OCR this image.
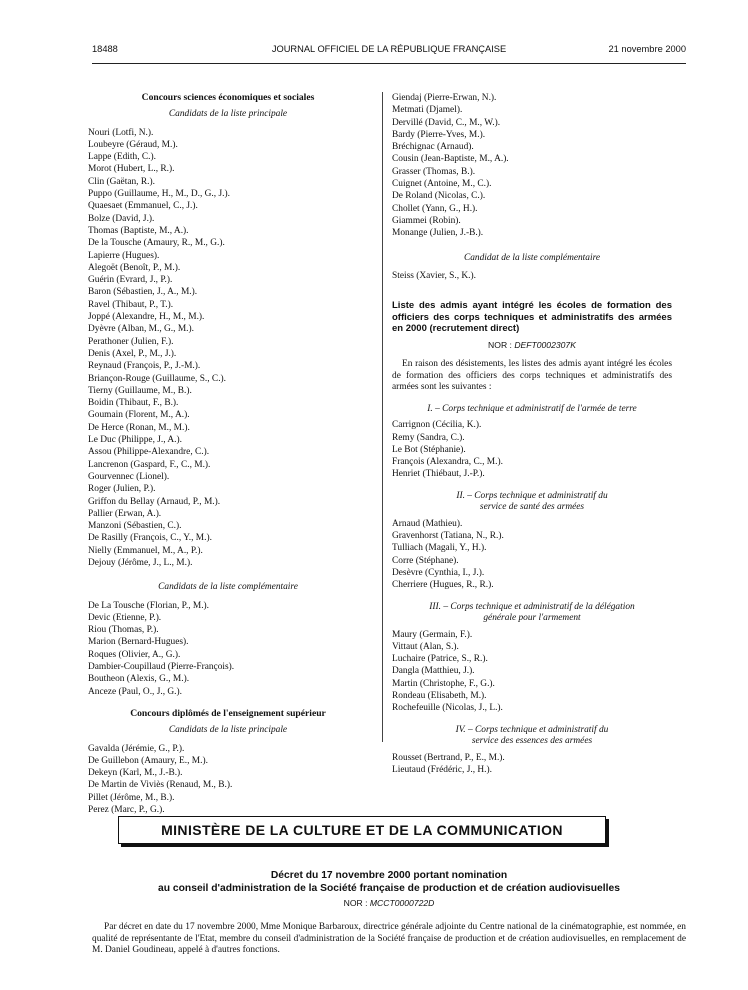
18488	JOURNAL OFFICIEL DE LA RÉPUBLIQUE FRANÇAISE	21 novembre 2000
Concours sciences économiques et sociales
Candidats de la liste principale
Nouri (Lotfi, N.).
Loubeyre (Géraud, M.).
Lappe (Edith, C.).
Morot (Hubert, L., R.).
Clin (Gaëtan, R.).
Puppo (Guillaume, H., M., D., G., J.).
Quaesaet (Emmanuel, C., J.).
Bolze (David, J.).
Thomas (Baptiste, M., A.).
De la Tousche (Amaury, R., M., G.).
Lapierre (Hugues).
Alegoët (Benoît, P., M.).
Guérin (Evrard, J., P.).
Baron (Sébastien, J., A., M.).
Ravel (Thibaut, P., T.).
Joppé (Alexandre, H., M., M.).
Dyèvre (Alban, M., G., M.).
Perathoner (Julien, F.).
Denis (Axel, P., M., J.).
Reynaud (François, P., J.-M.).
Briançon-Rouge (Guillaume, S., C.).
Tierny (Guillaume, M., B.).
Boidin (Thibaut, F., B.).
Goumain (Florent, M., A.).
De Herce (Ronan, M., M.).
Le Duc (Philippe, J., A.).
Assou (Philippe-Alexandre, C.).
Lancrenon (Gaspard, F., C., M.).
Gourvennec (Lionel).
Roger (Julien, P.).
Griffon du Bellay (Arnaud, P., M.).
Pallier (Erwan, A.).
Manzoni (Sébastien, C.).
De Rasilly (François, C., Y., M.).
Nielly (Emmanuel, M., A., P.).
Dejouy (Jérôme, J., L., M.).
Candidats de la liste complémentaire
De La Tousche (Florian, P., M.).
Devic (Etienne, P.).
Riou (Thomas, P.).
Marion (Bernard-Hugues).
Roques (Olivier, A., G.).
Dambier-Coupillaud (Pierre-François).
Boutheon (Alexis, G., M.).
Anceze (Paul, O., J., G.).
Concours diplômés de l'enseignement supérieur
Candidats de la liste principale
Gavalda (Jérémie, G., P.).
De Guillebon (Amaury, E., M.).
Dekeyn (Karl, M., J.-B.).
De Martin de Viviès (Renaud, M., B.).
Pillet (Jérôme, M., B.).
Perez (Marc, P., G.).
Giendaj (Pierre-Erwan, N.).
Metmati (Djamel).
Dervillé (David, C., M., W.).
Bardy (Pierre-Yves, M.).
Bréchignac (Arnaud).
Cousin (Jean-Baptiste, M., A.).
Grasser (Thomas, B.).
Cuignet (Antoine, M., C.).
De Roland (Nicolas, C.).
Chollet (Yann, G., H.).
Giammei (Robin).
Monange (Julien, J.-B.).
Candidat de la liste complémentaire
Steiss (Xavier, S., K.).
Liste des admis ayant intégré les écoles de formation des officiers des corps techniques et administratifs des armées en 2000 (recrutement direct)
NOR : DEFT0002307K
En raison des désistements, les listes des admis ayant intégré les écoles de formation des officiers des corps techniques et administratifs des armées sont les suivantes :
I. – Corps technique et administratif de l'armée de terre
Carrignon (Cécilia, K.).
Remy (Sandra, C.).
Le Bot (Stéphanie).
François (Alexandra, C., M.).
Henriet (Thiébaut, J.-P.).
II. – Corps technique et administratif du service de santé des armées
Arnaud (Mathieu).
Gravenhorst (Tatiana, N., R.).
Tulliach (Magali, Y., H.).
Corre (Stéphane).
Desèvre (Cynthia, I., J.).
Cherriere (Hugues, R., R.).
III. – Corps technique et administratif de la délégation générale pour l'armement
Maury (Germain, F.).
Vittaut (Alan, S.).
Luchaire (Patrice, S., R.).
Dangla (Matthieu, J.).
Martin (Christophe, F., G.).
Rondeau (Elisabeth, M.).
Rochefeuille (Nicolas, J., L.).
IV. – Corps technique et administratif du service des essences des armées
Rousset (Bertrand, P., E., M.).
Lieutaud (Frédéric, J., H.).
MINISTÈRE DE LA CULTURE ET DE LA COMMUNICATION
Décret du 17 novembre 2000 portant nomination
au conseil d'administration de la Société française de production et de création audiovisuelles
NOR : MCCT0000722D
Par décret en date du 17 novembre 2000, Mme Monique Barbaroux, directrice générale adjointe du Centre national de la cinématographie, est nommée, en qualité de représentante de l'Etat, membre du conseil d'administration de la Société française de production et de création audiovisuelles, en remplacement de M. Daniel Goudineau, appelé à d'autres fonctions.
